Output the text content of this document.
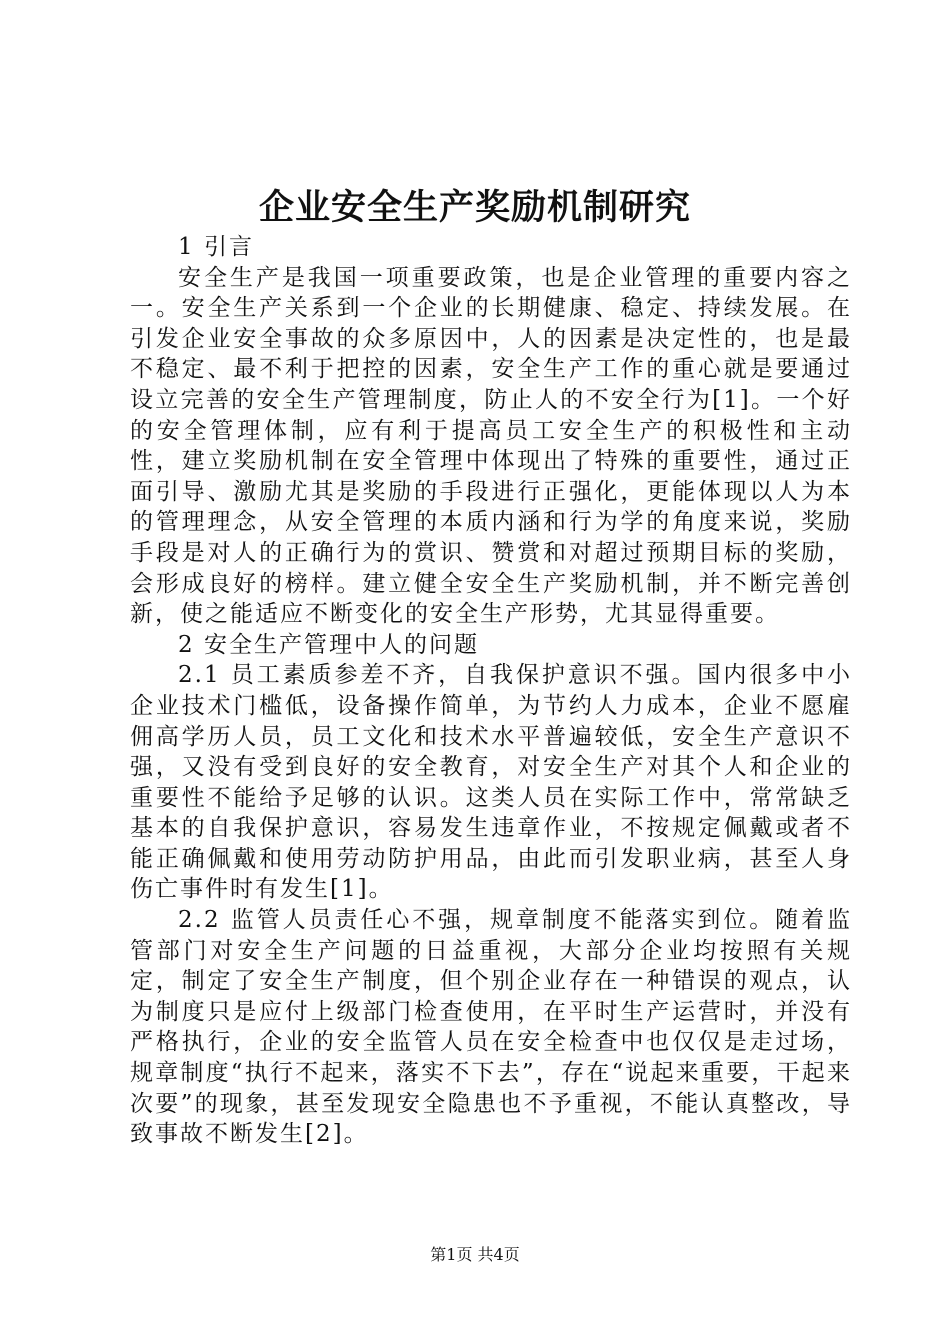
企业安全生产奖励机制研究

1 引言

安全生产是我国一项重要政策，也是企业管理的重要内容之一。安全生产关系到一个企业的长期健康、稳定、持续发展。在引发企业安全事故的众多原因中，人的因素是决定性的，也是最不稳定、最不利于把控的因素，安全生产工作的重心就是要通过设立完善的安全生产管理制度，防止人的不安全行为[1]。一个好的安全管理体制，应有利于提高员工安全生产的积极性和主动性，建立奖励机制在安全管理中体现出了特殊的重要性，通过正面引导、激励尤其是奖励的手段进行正强化，更能体现以人为本的管理理念，从安全管理的本质内涵和行为学的角度来说，奖励手段是对人的正确行为的赏识、赞赏和对超过预期目标的奖励，会形成良好的榜样。建立健全安全生产奖励机制，并不断完善创新，使之能适应不断变化的安全生产形势，尤其显得重要。

2 安全生产管理中人的问题

2.1 员工素质参差不齐，自我保护意识不强。国内很多中小企业技术门槛低，设备操作简单，为节约人力成本，企业不愿雇佣高学历人员，员工文化和技术水平普遍较低，安全生产意识不强，又没有受到良好的安全教育，对安全生产对其个人和企业的重要性不能给予足够的认识。这类人员在实际工作中，常常缺乏基本的自我保护意识，容易发生违章作业，不按规定佩戴或者不能正确佩戴和使用劳动防护用品，由此而引发职业病，甚至人身伤亡事件时有发生[1]。

2.2 监管人员责任心不强，规章制度不能落实到位。随着监管部门对安全生产问题的日益重视，大部分企业均按照有关规定，制定了安全生产制度，但个别企业存在一种错误的观点，认为制度只是应付上级部门检查使用，在平时生产运营时，并没有严格执行，企业的安全监管人员在安全检查中也仅仅是走过场，规章制度“执行不起来，落实不下去”，存在“说起来重要，干起来次要”的现象，甚至发现安全隐患也不予重视，不能认真整改，导致事故不断发生[2]。

第1页 共4页
